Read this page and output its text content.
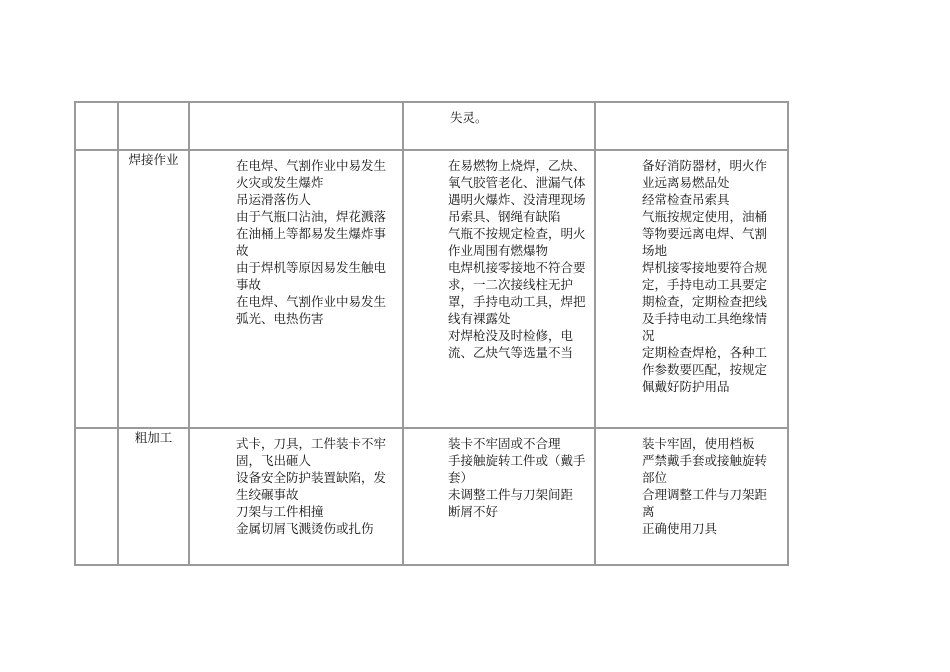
			失灵。	

	焊接作业	在电焊、气割作业中易发生火灾或发生爆炸
吊运滑落伤人
由于气瓶口沾油，焊花溅落在油桶上等都易发生爆炸事故
由于焊机等原因易发生触电事故
在电焊、气割作业中易发生弧光、电热伤害	在易燃物上烧焊，乙炔、氧气胶管老化、泄漏气体遇明火爆炸、没清理现场
吊索具、钢绳有缺陷
气瓶不按规定检查，明火作业周围有燃爆物
电焊机接零接地不符合要求，一二次接线柱无护罩，手持电动工具，焊把线有裸露处
对焊枪没及时检修，电流、乙炔气等选量不当	备好消防器材，明火作业远离易燃品处
经常检查吊索具
气瓶按规定使用，油桶等物要远离电焊、气割场地
焊机接零接地要符合规定，手持电动工具要定期检查，定期检查把线及手持电动工具绝缘情况
定期检查焊枪，各种工作参数要匹配，按规定佩戴好防护用品

	粗加工	式卡，刀具，工件装卡不牢固，飞出砸人
设备安全防护装置缺陷，发生绞碾事故
刀架与工件相撞
金属切屑飞溅烫伤或扎伤	装卡不牢固或不合理
手接触旋转工件或（戴手套）
未调整工件与刀架间距
断屑不好	装卡牢固，使用档板
严禁戴手套或接触旋转部位
合理调整工件与刀架距离
正确使用刀具
